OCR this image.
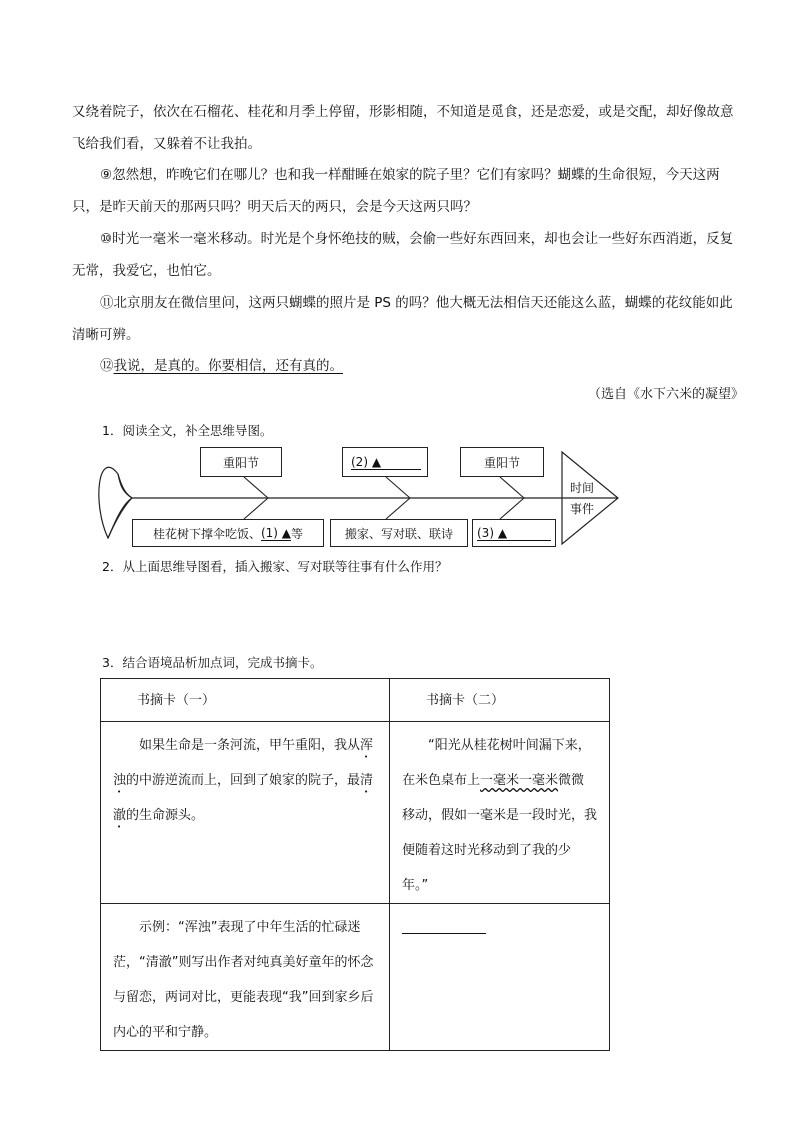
又绕着院子，依次在石榴花、桂花和月季上停留，形影相随，不知道是觅食，还是恋爱，或是交配，却好像故意飞给我们看，又躲着不让我拍。

⑨忽然想，昨晚它们在哪儿？也和我一样酣睡在娘家的院子里？它们有家吗？蝴蝶的生命很短，今天这两只，是昨天前天的那两只吗？明天后天的两只，会是今天这两只吗？

⑩时光一毫米一毫米移动。时光是个身怀绝技的贼，会偷一些好东西回来，却也会让一些好东西消逝，反复无常，我爱它，也怕它。

⑪北京朋友在微信里问，这两只蝴蝶的照片是 PS 的吗？他大概无法相信天还能这么蓝，蝴蝶的花纹能如此清晰可辨。

⑫我说，是真的。你要相信，还有真的。

（选自《水下六米的凝望》
1．阅读全文，补全思维导图。
重阳节	(2) ▲	重阳节
桂花树下撑伞吃饭、 (1) ▲ 等	搬家、写对联、联诗 (3) ▲
时间
事件
2．从上面思维导图看，插入搬家、写对联等往事有什么作用？
3．结合语境品析加点词，完成书摘卡。
书摘卡（一）	书摘卡（二）

如果生命是一条河流，甲午重阳，我从浑浊的中游逆流而上，回到了娘家的院子，最清澈的生命源头。	“阳光从桂花树叶间漏下来，在米色桌布上一毫米一毫米微微移动，假如一毫米是一段时光，我便随着这时光移动到了我的少年。”

示例：“浑浊”表现了中年生活的忙碌迷茫，“清澈”则写出作者对纯真美好童年的怀念与留恋，两词对比，更能表现“我”回到家乡后内心的平和宁静。	
